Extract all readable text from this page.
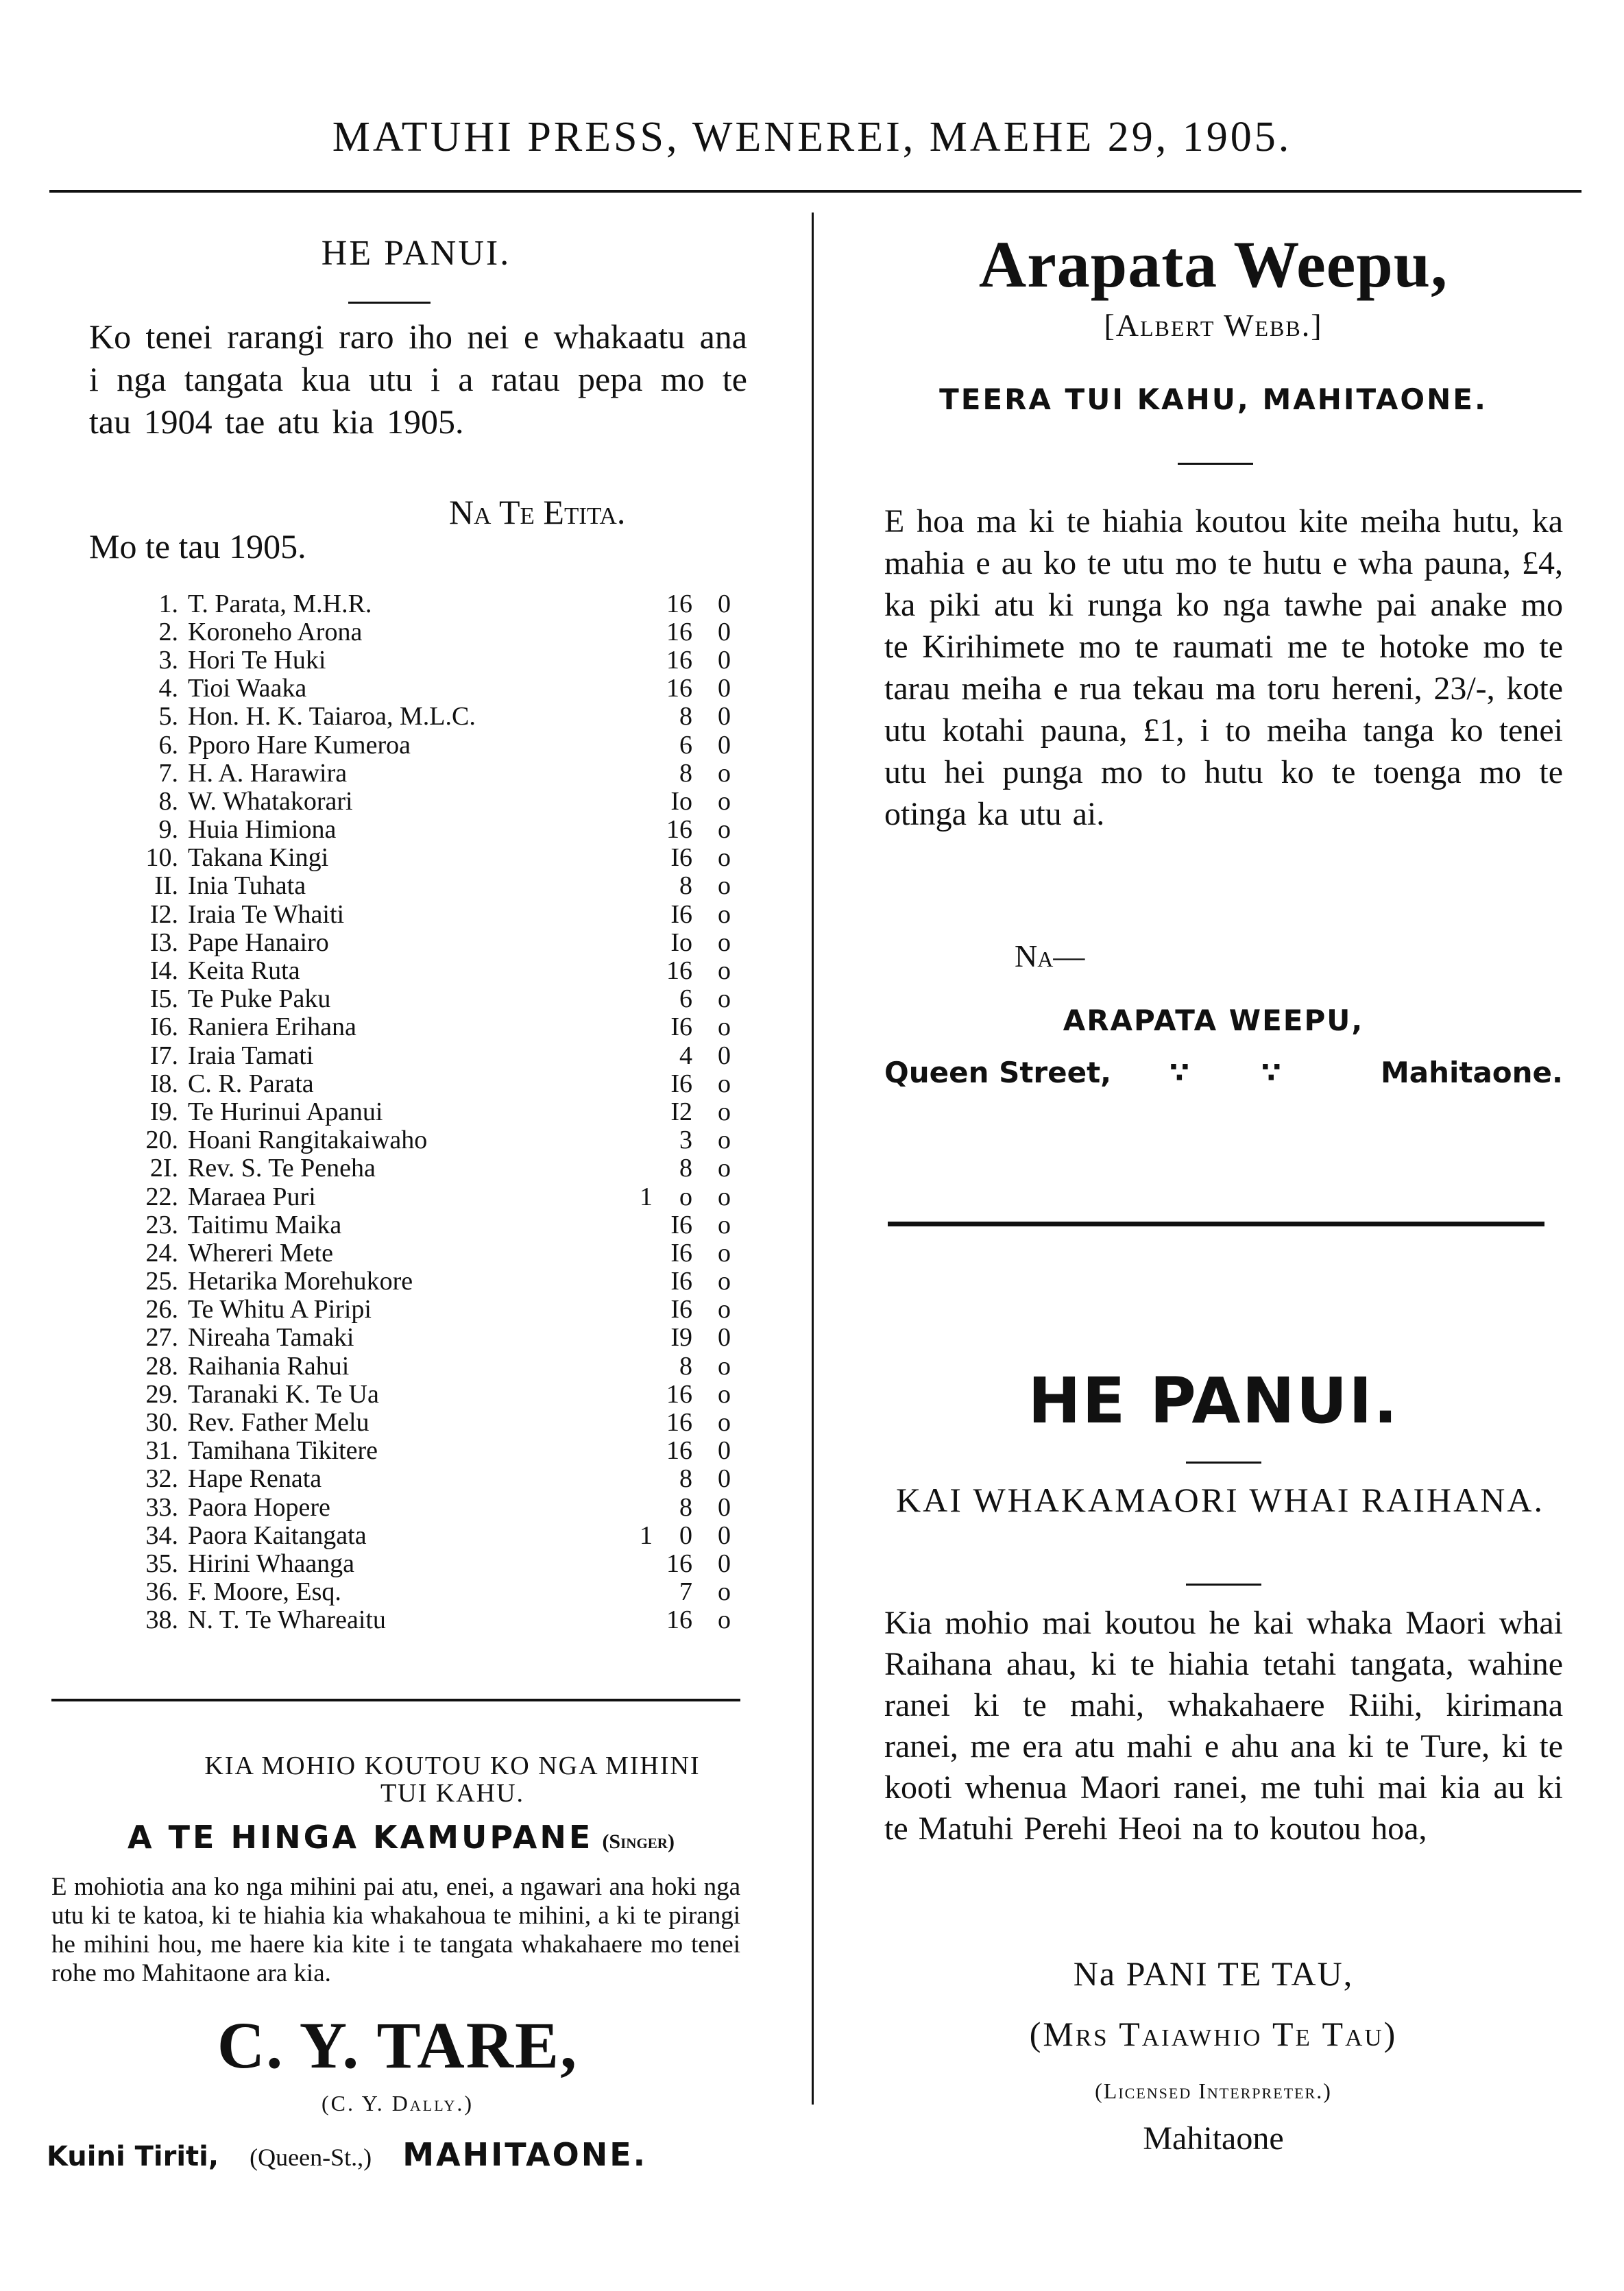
MATUHI PRESS, WENEREI, MAEHE 29, 1905.
HE PANUI.
Ko tenei rarangi raro iho nei e whakaatu ana i nga tangata kua utu i a ratau pepa mo te tau 1904 tae atu kia 1905.
Na Te Etita.
Mo te tau 1905.
1.	T. Parata, M.H.R.		16	0
2.	Koroneho Arona		16	0
3.	Hori Te Huki		16	0
4.	Tioi Waaka		16	0
5.	Hon. H. K. Taiaroa, M.L.C.		8	0
6.	Pporo Hare Kumeroa		6	0
7.	H. A. Harawira		8	o
8.	W. Whatakorari		Io	o
9.	Huia Himiona		16	o
10.	Takana Kingi		I6	o
II.	Inia Tuhata		8	o
I2.	Iraia Te Whaiti		I6	o
I3.	Pape Hanairo		Io	o
I4.	Keita Ruta		16	o
I5.	Te Puke Paku		6	o
I6.	Raniera Erihana		I6	o
I7.	Iraia Tamati		4	0
I8.	C. R. Parata		I6	o
I9.	Te Hurinui Apanui		I2	o
20.	Hoani Rangitakaiwaho		3	o
2I.	Rev. S. Te Peneha		8	o
22.	Maraea Puri	1	o	o
23.	Taitimu Maika		I6	o
24.	Whereri Mete		I6	o
25.	Hetarika Morehukore		I6	o
26.	Te Whitu A Piripi		I6	o
27.	Nireaha Tamaki		I9	0
28.	Raihania Rahui		8	o
29.	Taranaki K. Te Ua		16	o
30.	Rev. Father Melu		16	o
31.	Tamihana Tikitere		16	0
32.	Hape Renata		8	0
33.	Paora Hopere		8	0
34.	Paora Kaitangata	1	0	0
35.	Hirini Whaanga		16	0
36.	F. Moore, Esq.		7	o
38.	N. T. Te Whareaitu		16	o
KIA MOHIO KOUTOU KO NGA MIHINI TUI KAHU.
A TE HINGA KAMUPANE (Singer)
E mohiotia ana ko nga mihini pai atu, enei, a ngawari ana hoki nga utu ki te katoa, ki te hiahia kia whakahoua te mihini, a ki te pirangi he mihini hou, me haere kia kite i te tangata whakahaere mo tenei rohe mo Mahitaone ara kia.
C. Y. TARE,
(C. Y. Dally.)
Kuini Tiriti, (Queen-St.,) MAHITAONE.
Arapata Weepu,
[Albert Webb.]
TEERA TUI KAHU, MAHITAONE.
E hoa ma ki te hiahia koutou kite meiha hutu, ka mahia e au ko te utu mo te hutu e wha pauna, £4, ka piki atu ki runga ko nga tawhe pai anake mo te Kirihimete mo te raumati me te hotoke mo te tarau meiha e rua tekau ma toru hereni, 23/-, kote utu kotahi pauna, £1, i to meiha tanga ko tenei utu hei punga mo to hutu ko te toenga mo te otinga ka utu ai.
Na—
ARAPATA WEEPU,
Queen Street, ∵ ∵	Mahitaone.
HE PANUI.
KAI WHAKAMAORI WHAI RAIHANA.
Kia mohio mai koutou he kai whaka Maori whai Raihana ahau, ki te hiahia tetahi tangata, wahine ranei ki te mahi, whakahaere Riihi, kirimana ranei, me era atu mahi e ahu ana ki te Ture, ki te kooti whenua Maori ranei, me tuhi mai kia au ki te Matuhi Perehi Heoi na to koutou hoa,
Na PANI TE TAU,
(Mrs Taiawhio Te Tau)
(Licensed Interpreter.)
Mahitaone
